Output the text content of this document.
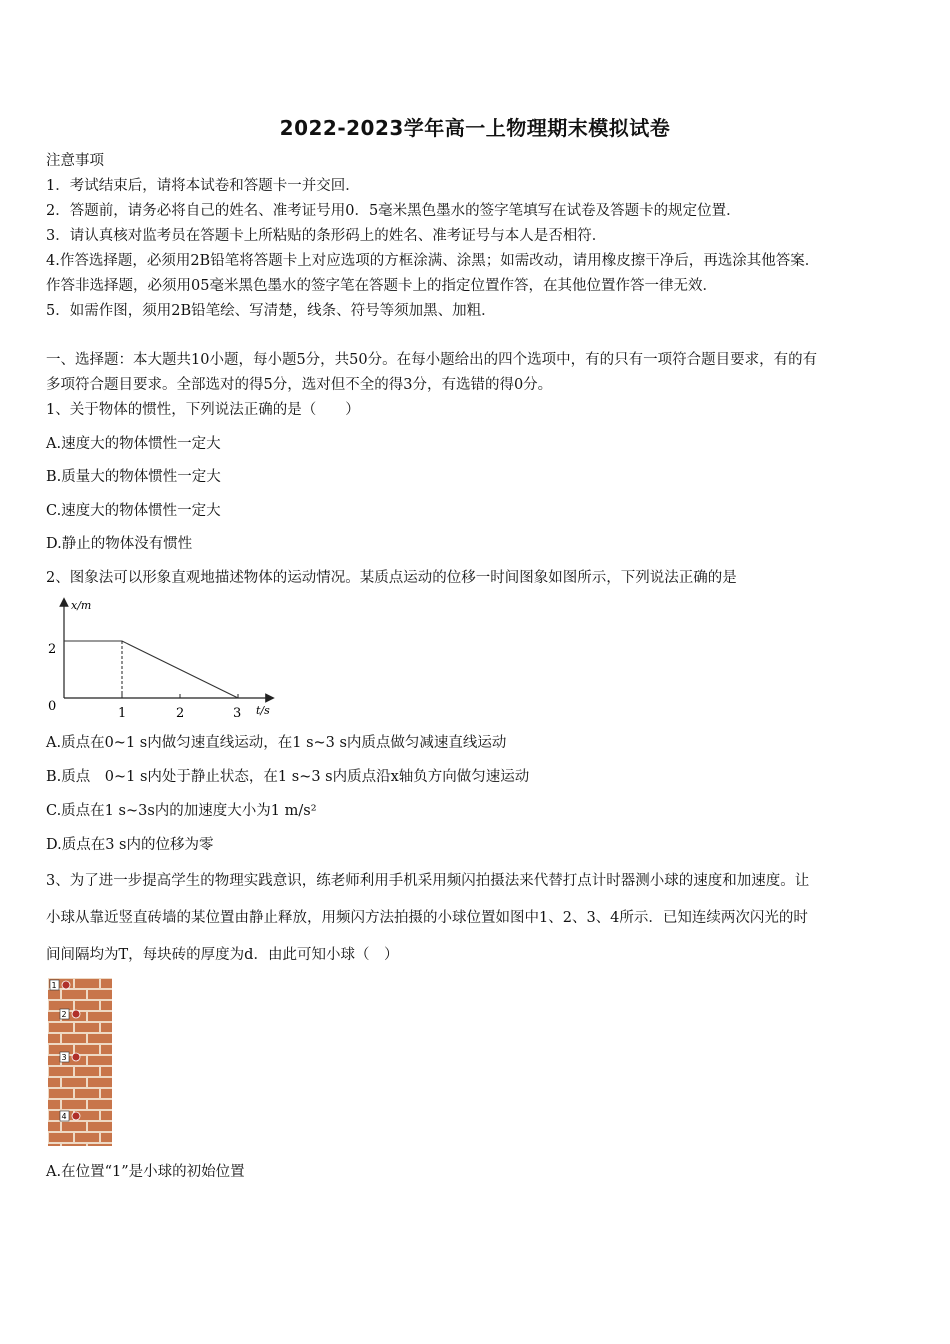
2022-2023学年高一上物理期末模拟试卷
注意事项
1．考试结束后，请将本试卷和答题卡一并交回．
2．答题前，请务必将自己的姓名、准考证号用0．5毫米黑色墨水的签字笔填写在试卷及答题卡的规定位置．
3．请认真核对监考员在答题卡上所粘贴的条形码上的姓名、准考证号与本人是否相符．
4.作答选择题，必须用2B铅笔将答题卡上对应选项的方框涂满、涂黑；如需改动，请用橡皮擦干净后，再选涂其他答案．
作答非选择题，必须用05毫米黑色墨水的签字笔在答题卡上的指定位置作答，在其他位置作答一律无效．
5．如需作图，须用2B铅笔绘、写清楚，线条、符号等须加黑、加粗．
一、选择题：本大题共10小题，每小题5分，共50分。在每小题给出的四个选项中，有的只有一项符合题目要求，有的有
多项符合题目要求。全部选对的得5分，选对但不全的得3分，有选错的得0分。
1、关于物体的惯性，下列说法正确的是（　　）
A.速度大的物体惯性一定大
B.质量大的物体惯性一定大
C.速度大的物体惯性一定大
D.静止的物体没有惯性
2、图象法可以形象直观地描述物体的运动情况。某质点运动的位移一时间图象如图所示，下列说法正确的是
x/m
t/s
0
2
1	2	3
A.质点在0~1 s内做匀速直线运动，在1 s~3 s内质点做匀减速直线运动
B.质点　0~1 s内处于静止状态，在1 s~3 s内质点沿x轴负方向做匀速运动
C.质点在1 s~3s内的加速度大小为1 m/s²
D.质点在3 s内的位移为零
3、为了进一步提高学生的物理实践意识，练老师利用手机采用频闪拍摄法来代替打点计时器测小球的速度和加速度。让
小球从靠近竖直砖墙的某位置由静止释放，用频闪方法拍摄的小球位置如图中1、2、3、4所示．已知连续两次闪光的时
间间隔均为T，每块砖的厚度为d．由此可知小球（　）
1
2
3
4
A.在位置“1”是小球的初始位置
